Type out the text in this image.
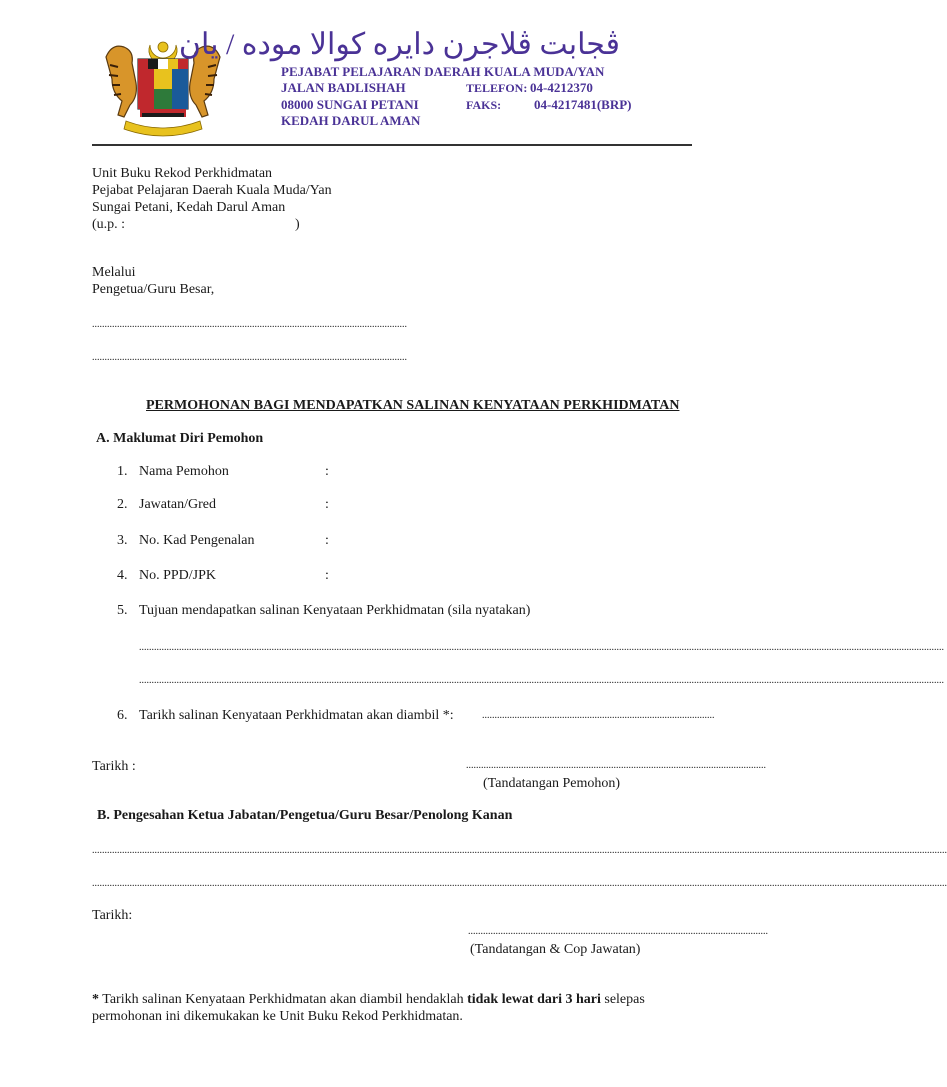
ڤجابت ڤلاجرن دايره كوالا موده / يان
PEJABAT PELAJARAN DAERAH KUALA MUDA/YAN
JALAN BADLISHAH
08000 SUNGAI PETANI
KEDAH DARUL AMAN
TELEFON: 04-4212370
FAKS:	04-4217481(BRP)
Unit Buku Rekod Perkhidmatan
Pejabat Pelajaran Daerah Kuala Muda/Yan
Sungai Petani, Kedah Darul Aman
(u.p. :	)
Melalui
Pengetua/Guru Besar,
..............................................................................................................................
..............................................................................................................................
PERMOHONAN BAGI MENDAPATKAN SALINAN KENYATAAN PERKHIDMATAN
A. Maklumat Diri Pemohon
1. Nama Pemohon	:
2. Jawatan/Gred	:
3. No. Kad Pengenalan	:
4. No. PPD/JPK	:
5. Tujuan mendapatkan salinan Kenyataan Perkhidmatan (sila nyatakan)
..................................................................................................................................................................................................................................................................................................................................
..................................................................................................................................................................................................................................................................................................................................
6. Tarikh salinan Kenyataan Perkhidmatan akan diambil *:	.............................................................................................
Tarikh :	........................................................................................................................
(Tandatangan Pemohon)
B. Pengesahan Ketua Jabatan/Pengetua/Guru Besar/Penolong Kanan
......................................................................................................................................................................................................................................................................................................................................................
......................................................................................................................................................................................................................................................................................................................................................
Tarikh:
........................................................................................................................
(Tandatangan & Cop Jawatan)
* Tarikh salinan Kenyataan Perkhidmatan akan diambil hendaklah tidak lewat dari 3 hari selepas
permohonan ini dikemukakan ke Unit Buku Rekod Perkhidmatan.
